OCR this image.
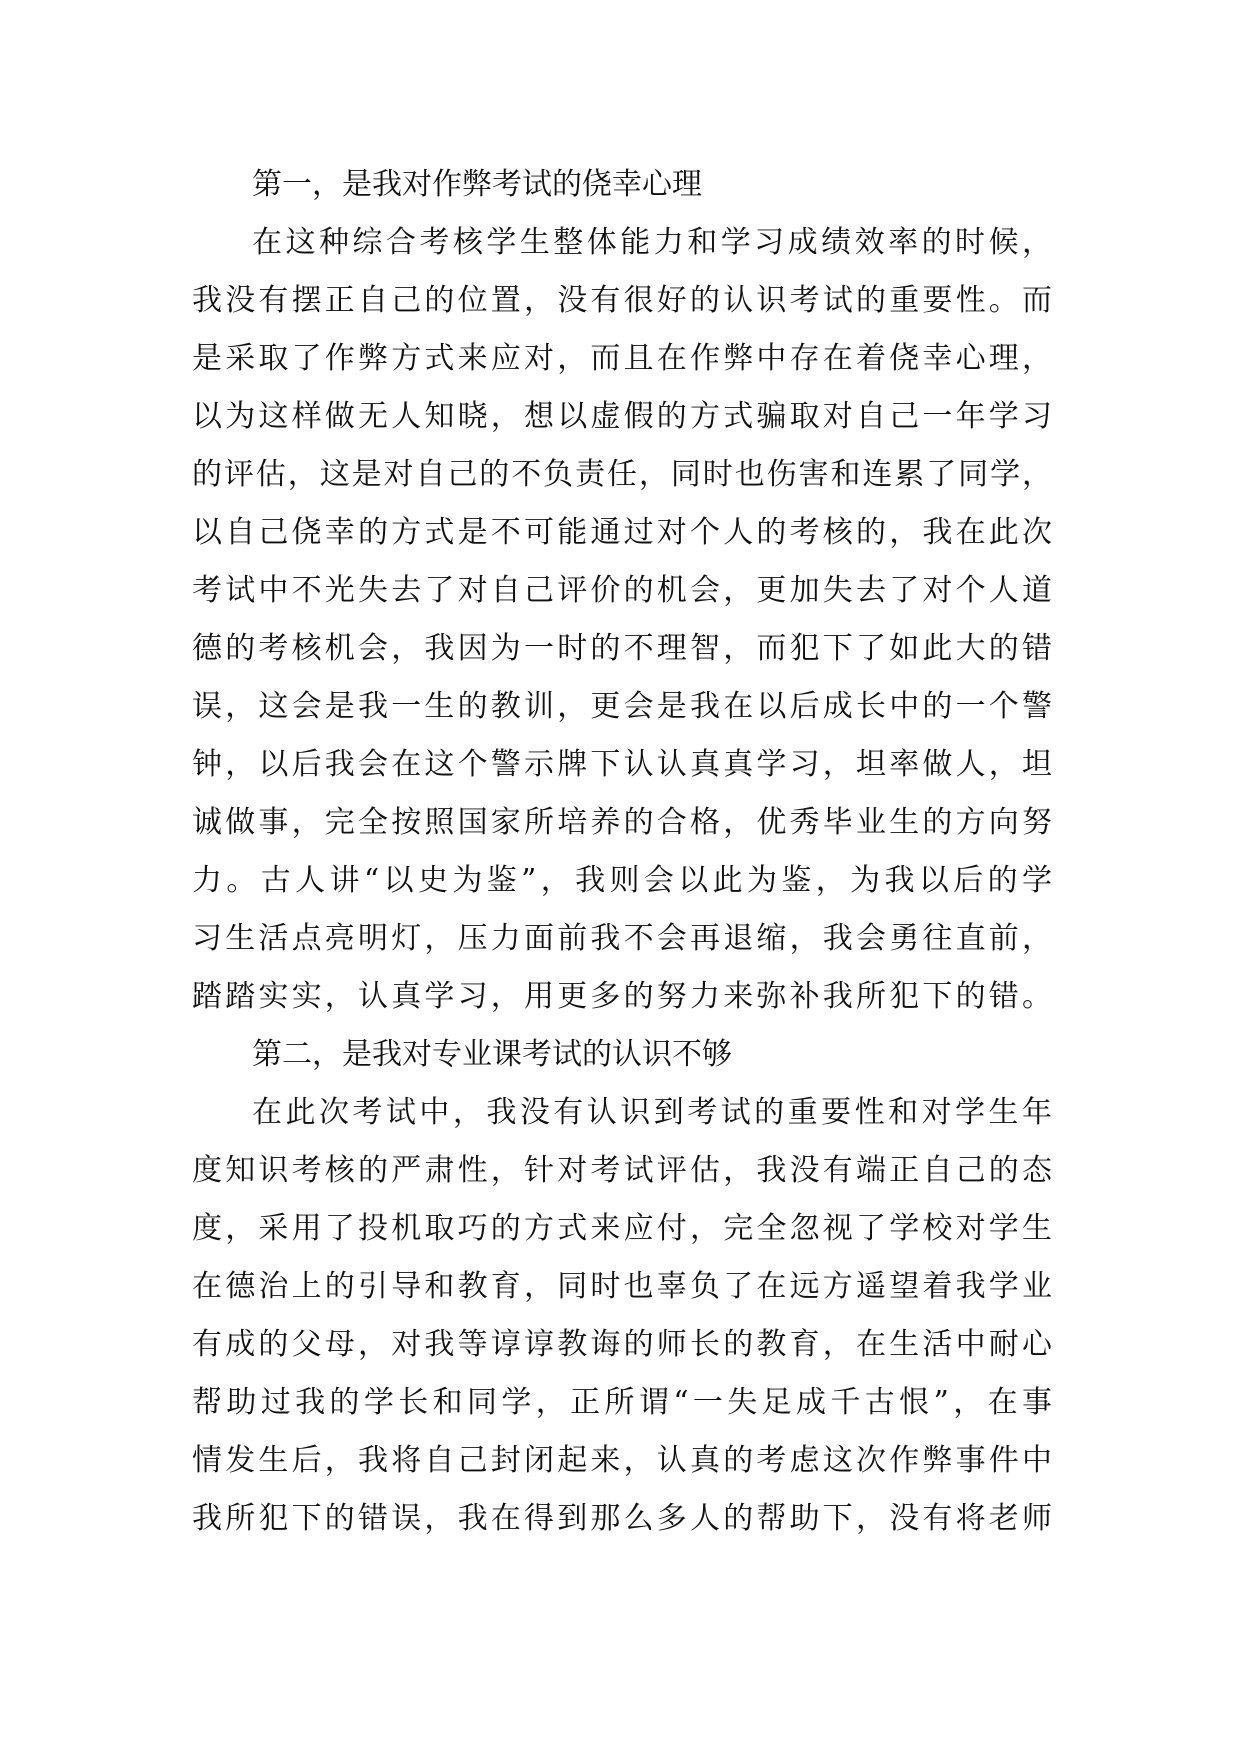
第一，是我对作弊考试的侥幸心理
在这种综合考核学生整体能力和学习成绩效率的时候，
我没有摆正自己的位置，没有很好的认识考试的重要性。而
是采取了作弊方式来应对，而且在作弊中存在着侥幸心理，
以为这样做无人知晓，想以虚假的方式骗取对自己一年学习
的评估，这是对自己的不负责任，同时也伤害和连累了同学，
以自己侥幸的方式是不可能通过对个人的考核的，我在此次
考试中不光失去了对自己评价的机会，更加失去了对个人道
德的考核机会，我因为一时的不理智，而犯下了如此大的错
误，这会是我一生的教训，更会是我在以后成长中的一个警
钟，以后我会在这个警示牌下认认真真学习，坦率做人，坦
诚做事，完全按照国家所培养的合格，优秀毕业生的方向努
力。古人讲“以史为鉴”，我则会以此为鉴，为我以后的学
习生活点亮明灯，压力面前我不会再退缩，我会勇往直前，
踏踏实实，认真学习，用更多的努力来弥补我所犯下的错。
第二，是我对专业课考试的认识不够
在此次考试中，我没有认识到考试的重要性和对学生年
度知识考核的严肃性，针对考试评估，我没有端正自己的态
度，采用了投机取巧的方式来应付，完全忽视了学校对学生
在德治上的引导和教育，同时也辜负了在远方遥望着我学业
有成的父母，对我等谆谆教诲的师长的教育，在生活中耐心
帮助过我的学长和同学，正所谓“一失足成千古恨”，在事
情发生后，我将自己封闭起来，认真的考虑这次作弊事件中
我所犯下的错误，我在得到那么多人的帮助下，没有将老师
